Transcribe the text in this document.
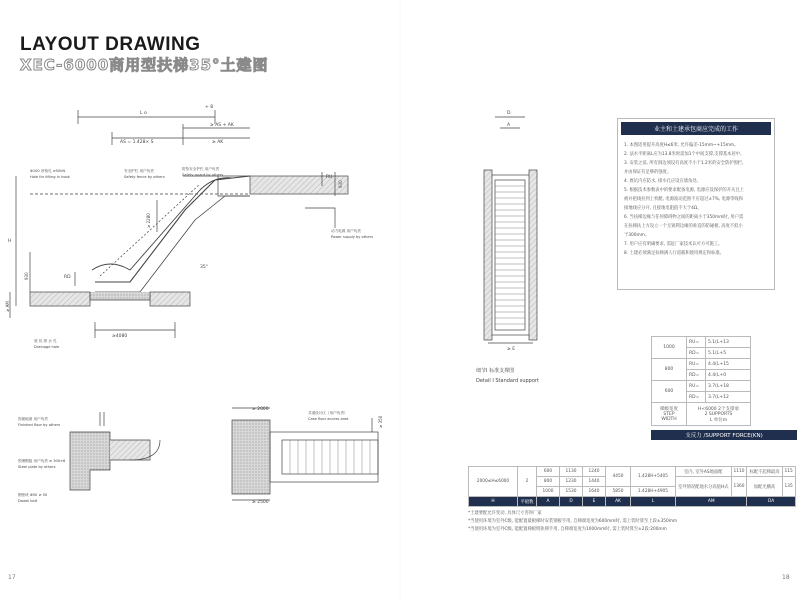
LAYOUT DRAWING
XEC-6000商用型扶梯35°土建图
L o
+ 8
≥ AS + AK
AS = 1.428× S	≥ AK
Φ100 吊钩孔 ≥50kN
Hole for lifting in hook
安全护栏 用户负责
Safety fence by others
防坠安全护栏 用户负责
Safety guard by others	RU
RD
H
930
930
≥ 2280
35°
≥ AM
动力电源 用户负责
Power supply by others
≥4080
底 坑 排 水 孔
Drainage hole
D
A
≥ E
细节Ⅰ 标准支撑图
Detail Ⅰ Standard support
饰面地面 用户负责
Finished floor by others
预埋钢板 用户负责 ≥ 300×6
Steel plate by others
钢垫块 Φ50 ≥ 50
Dowel bolt
≥ 2000
≥ 2500
≥ 350
井道设计区（用户负责）
Case floor access area
业主和土建承包商应完成的工作

1. 本图适用提升高度H≤6米, 允许偏差-15mm~+15mm。

2. 法水平距离L应为13.8米时需加1个中间支撑,支撑基本居中。

3. 安装之前, 所有洞边须设有高度不小于1.2米的安全防护围栏,

并由保证有足够的强度。

4. 底坑内应防水, 排水孔应设在墙角处。

5. 根据技术参数表中的要求配备电源, 电源应设保护的开关且上

被并把线拉到上机舱, 电源波动范围不应超过±7%, 电源零线和

接地线应分开, 且接地电阻值不大于4Ω。

6. 当扶梯边缘与任何障碍物之间的距离小于350mm时, 用户需

在扶梯扶上方设立一个无锐利边缘的垂直的防碰板, 高度不低小

于300mm。

7. 用户应有明确要求, 需征厂家技术认可方可施工。

8. 土建必须满足扶梯满人行道载和使用规定和标准。

1000	RU=	5.1(L+13
	RD=	5.1(L+5
800	RU=	4.4(L+15
	RD=	4.4(L+0
600	RU=	3.7(L+18
	RD=	3.7(L+12
梯级宽度
STEP
WIDTH	H<6000 2个支撑承
2 SUPPORTS
L 单位m	
支反力 /SUPPORT FORCE(KN)
2000≤H≤6000	2	600	1130	1240	4450	1.428H+5405	室内, 室外AS地面配	1110	标配不起梯最高	115
		800	1230	1440			室外情况配地水分高值H式	1360	加配光栅高	135
		1000	1530	1640	5850	1.428H+4905				
H	平板数	A	D	E	AK	L	AM		DA	
*土建要配允许变动, 具体尺寸咨询厂家
*当使用环境为室外C级, 能配置最板梯时安装钢板手用, 自梯端宽度为600mm时, 需上装时算至上段±350mm
*当使用环境为室外C级, 能配置梯板明轨梯手用, 自梯端宽度为1000mm时, 需上装时算至±2段:200mm
17	18
